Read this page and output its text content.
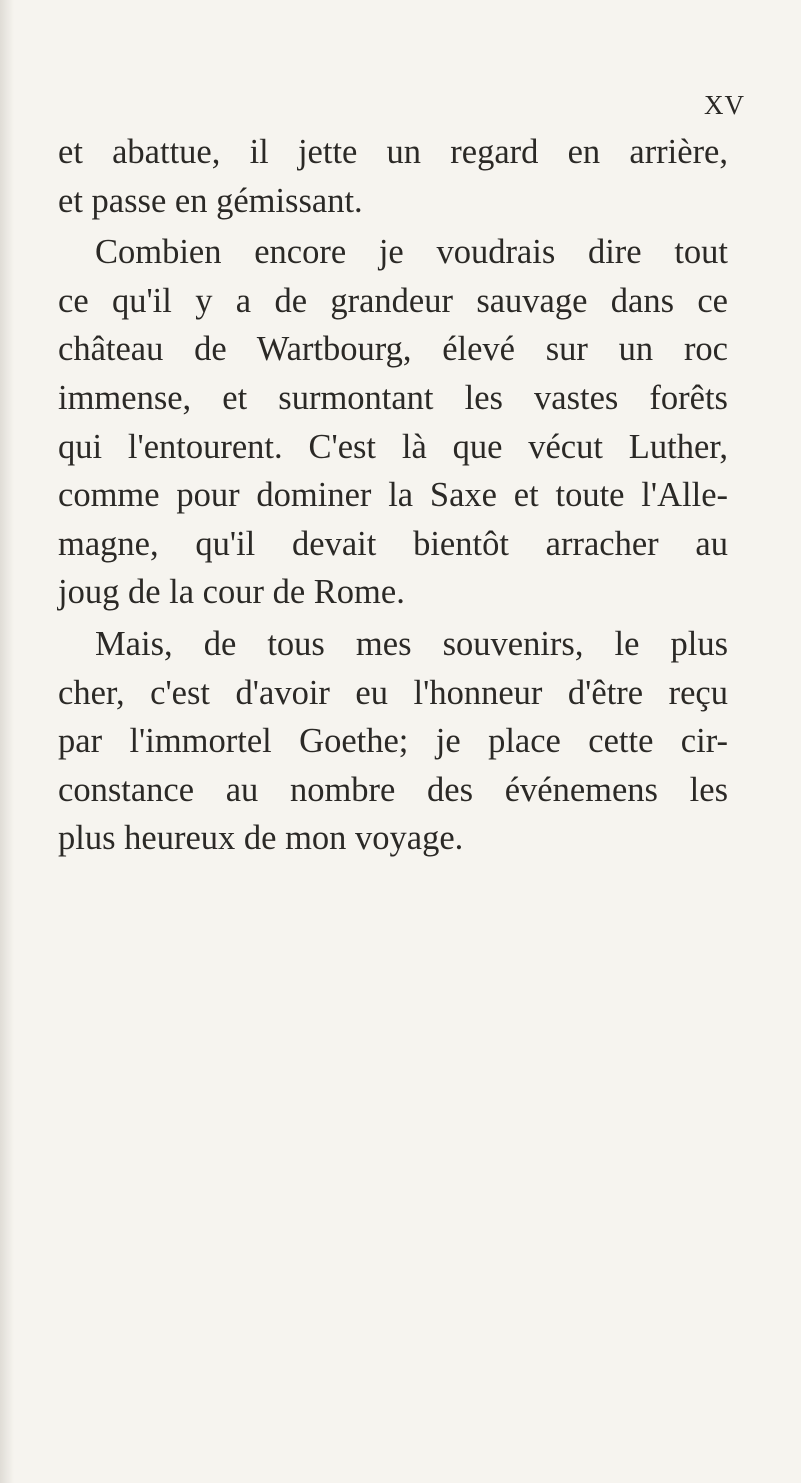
XV
et abattue, il jette un regard en arrière,
et passe en gémissant.
Combien encore je voudrais dire tout
ce qu'il y a de grandeur sauvage dans ce
château de Wartbourg, élevé sur un roc
immense, et surmontant les vastes forêts
qui l'entourent. C'est là que vécut Luther,
comme pour dominer la Saxe et toute l'Alle-
magne, qu'il devait bientôt arracher au
joug de la cour de Rome.
Mais, de tous mes souvenirs, le plus
cher, c'est d'avoir eu l'honneur d'être reçu
par l'immortel Goethe; je place cette cir-
constance au nombre des événemens les
plus heureux de mon voyage.
